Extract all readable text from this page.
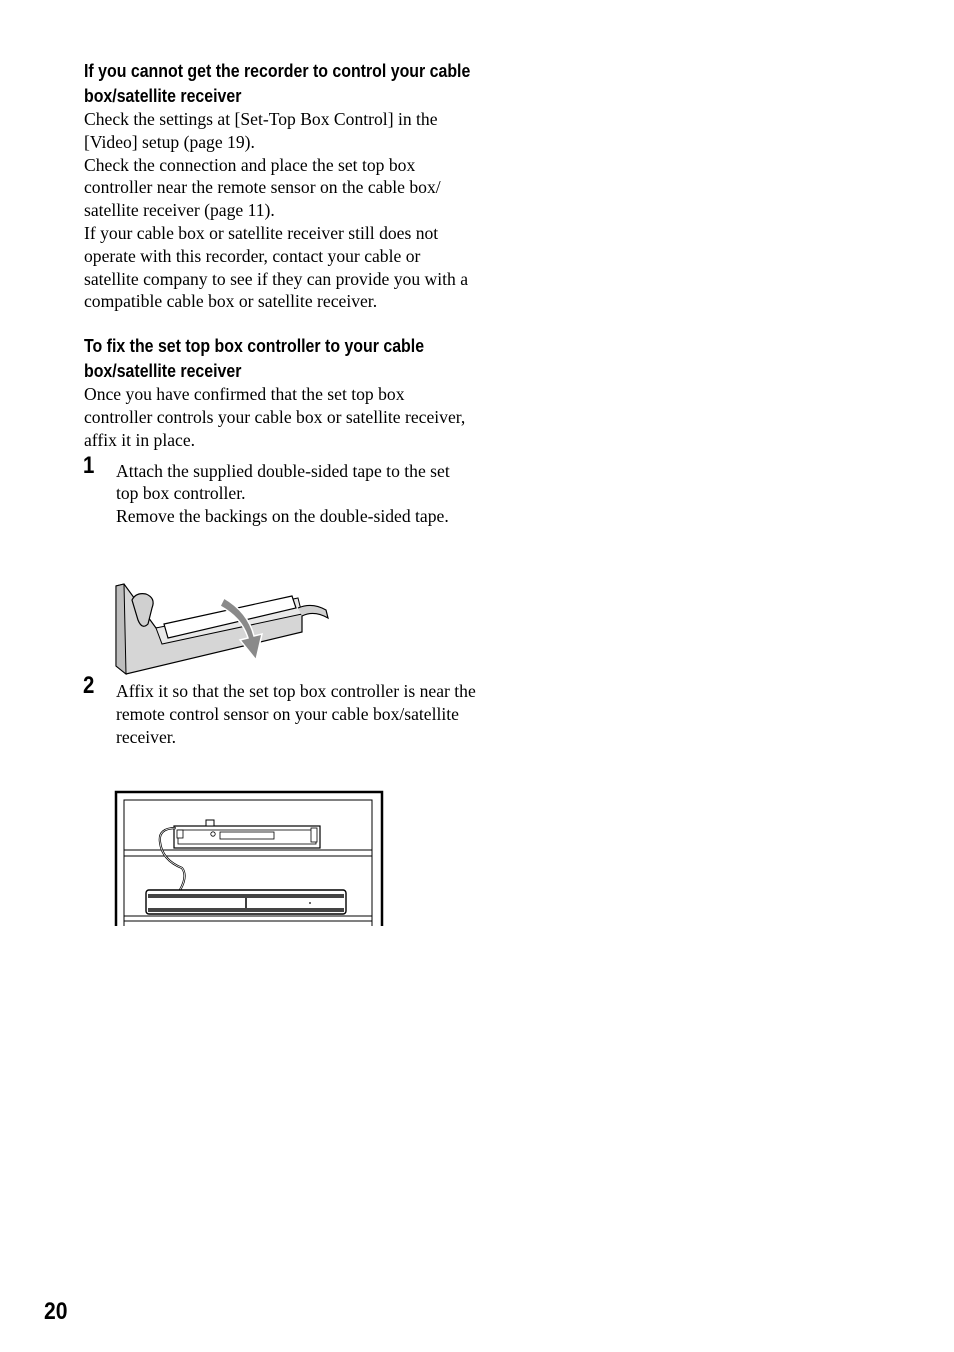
If you cannot get the recorder to control your cable box/satellite receiver

Check the settings at [Set-Top Box Control] in the [Video] setup (page 19).
Check the connection and place the set top box controller near the remote sensor on the cable box/ satellite receiver (page 11).
If your cable box or satellite receiver still does not operate with this recorder, contact your cable or satellite company to see if they can provide you with a compatible cable box or satellite receiver.

To fix the set top box controller to your cable box/satellite receiver

Once you have confirmed that the set top box controller controls your cable box or satellite receiver, affix it in place.

1 Attach the supplied double-sided tape to the set top box controller.
Remove the backings on the double-sided tape.
2 Affix it so that the set top box controller is near the remote control sensor on your cable box/satellite receiver.
20
